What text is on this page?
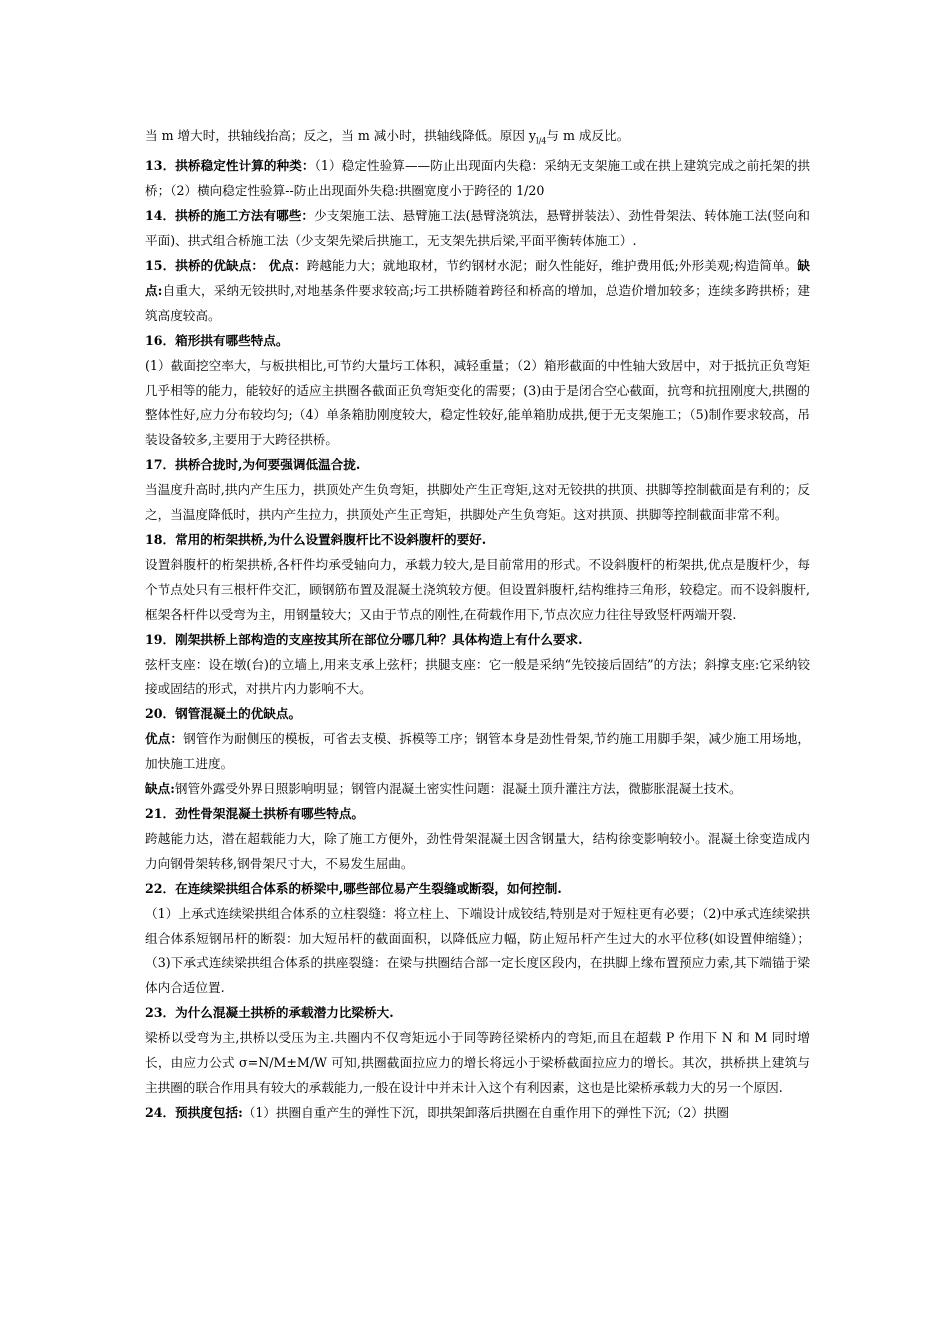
当 m 增大时，拱轴线抬高；反之，当 m 减小时，拱轴线降低。原因 $y_{l/4}$与 m 成反比。

13．拱桥稳定性计算的种类：（1）稳定性验算——防止出现面内失稳：采纳无支架施工或在拱上建筑完成之前托架的拱桥；（2）横向稳定性验算--防止出现面外失稳:拱圈宽度小于跨径的 1/20

14．拱桥的施工方法有哪些：少支架施工法、悬臂施工法(悬臂浇筑法，悬臂拼装法）、劲性骨架法、转体施工法(竖向和平面)、拱式组合桥施工法（少支架先梁后拱施工，无支架先拱后梁,平面平衡转体施工）.

15．拱桥的优缺点： 优点：跨越能力大；就地取材，节约钢材水泥；耐久性能好，维护费用低;外形美观;构造简单。缺点:自重大，采纳无铰拱时,对地基条件要求较高;圬工拱桥随着跨径和桥高的增加，总造价增加较多；连续多跨拱桥；建筑高度较高。

16．箱形拱有哪些特点。

(1）截面挖空率大，与板拱相比,可节约大量圬工体积，减轻重量；（2）箱形截面的中性轴大致居中，对于抵抗正负弯矩几乎相等的能力，能较好的适应主拱圈各截面正负弯矩变化的需要；(3)由于是闭合空心截面，抗弯和抗扭刚度大,拱圈的整体性好,应力分布较均匀;（4）单条箱肋刚度较大，稳定性较好,能单箱肋成拱,便于无支架施工；（5)制作要求较高，吊装设备较多,主要用于大跨径拱桥。

17．拱桥合拢时,为何要强调低温合拢.

当温度升高时,拱内产生压力，拱顶处产生负弯矩，拱脚处产生正弯矩,这对无铰拱的拱顶、拱脚等控制截面是有利的；反之，当温度降低时，拱内产生拉力，拱顶处产生正弯矩，拱脚处产生负弯矩。这对拱顶、拱脚等控制截面非常不利。

18．常用的桁架拱桥,为什么设置斜腹杆比不设斜腹杆的要好.

设置斜腹杆的桁架拱桥,各杆件均承受轴向力，承载力较大,是目前常用的形式。不设斜腹杆的桁架拱,优点是腹杆少，每个节点处只有三根杆件交汇，顾钢筋布置及混凝土浇筑较方便。但设置斜腹杆,结构维持三角形，较稳定。而不设斜腹杆,框架各杆件以受弯为主，用钢量较大；又由于节点的刚性,在荷载作用下,节点次应力往往导致竖杆两端开裂.

19．刚架拱桥上部构造的支座按其所在部位分哪几种？具体构造上有什么要求.

弦杆支座：设在墩(台)的立墙上,用来支承上弦杆；拱腿支座：它一般是采纳“先铰接后固结”的方法；斜撑支座:它采纳铰接或固结的形式，对拱片内力影响不大。

20．钢管混凝土的优缺点。

优点：钢管作为耐侧压的模板，可省去支模、拆模等工序；钢管本身是劲性骨架,节约施工用脚手架，减少施工用场地，加快施工进度。

缺点:钢管外露受外界日照影响明显；钢管内混凝土密实性问题：混凝土顶升灌注方法，微膨胀混凝土技术。

21．劲性骨架混凝土拱桥有哪些特点。

跨越能力达，潜在超载能力大，除了施工方便外，劲性骨架混凝土因含钢量大，结构徐变影响较小。混凝土徐变造成内力向钢骨架转移,钢骨架尺寸大，不易发生屈曲。

22．在连续梁拱组合体系的桥梁中,哪些部位易产生裂缝或断裂，如何控制.

（1）上承式连续梁拱组合体系的立柱裂缝：将立柱上、下端设计成铰结,特别是对于短柱更有必要；（2)中承式连续梁拱组合体系短钢吊杆的断裂：加大短吊杆的截面面积，以降低应力幅，防止短吊杆产生过大的水平位移(如设置伸缩缝）；（3)下承式连续梁拱组合体系的拱座裂缝：在梁与拱圈结合部一定长度区段内，在拱脚上缘布置预应力索,其下端锚于梁体内合适位置.

23．为什么混凝土拱桥的承载潜力比梁桥大.

梁桥以受弯为主,拱桥以受压为主.共圈内不仅弯矩远小于同等跨径梁桥内的弯矩,而且在超载 P 作用下 N 和 M 同时增长，由应力公式 σ=N/M±M/W 可知,拱圈截面拉应力的增长将远小于梁桥截面拉应力的增长。其次，拱桥拱上建筑与主拱圈的联合作用具有较大的承载能力,一般在设计中并未计入这个有利因素，这也是比梁桥承载力大的另一个原因.

24．预拱度包括:（1）拱圈自重产生的弹性下沉，即拱架卸落后拱圈在自重作用下的弹性下沉;（2）拱圈
